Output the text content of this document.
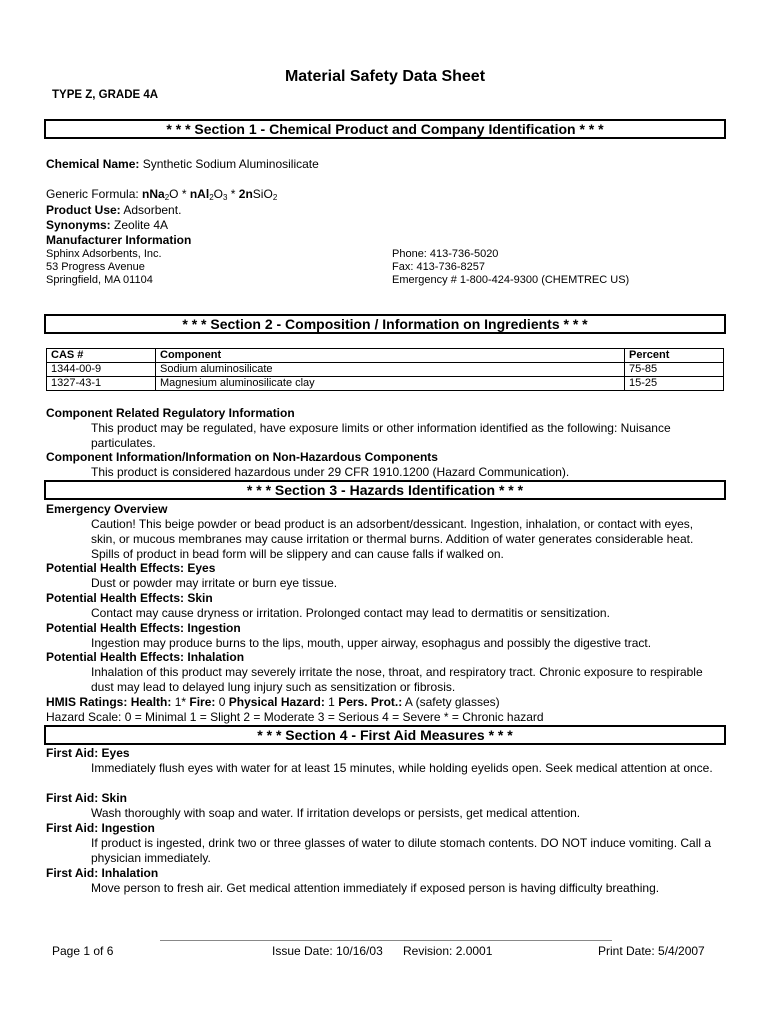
Material Safety Data Sheet
TYPE Z, GRADE 4A
* * * Section 1 - Chemical Product and Company Identification * * *
Chemical Name: Synthetic Sodium Aluminosilicate
Generic Formula: $nNa_2O * nAl_2O_3$ * 2nSiO$_2$
Product Use: Adsorbent.
Synonyms: Zeolite 4A
Manufacturer Information
Sphinx Adsorbents, Inc.
53 Progress Avenue
Springfield, MA 01104
Phone: 413-736-5020
Fax: 413-736-8257
Emergency # 1-800-424-9300 (CHEMTREC US)
* * * Section 2 - Composition / Information on Ingredients * * *
CAS #	Component	Percent
1344-00-9	Sodium aluminosilicate	75-85
1327-43-1	Magnesium aluminosilicate clay	15-25
Component Related Regulatory Information
This product may be regulated, have exposure limits or other information identified as the following: Nuisance particulates.
Component Information/Information on Non-Hazardous Components
This product is considered hazardous under 29 CFR 1910.1200 (Hazard Communication).
* * * Section 3 - Hazards Identification * * *
Emergency Overview
Caution! This beige powder or bead product is an adsorbent/dessicant. Ingestion, inhalation, or contact with eyes, skin, or mucous membranes may cause irritation or thermal burns. Addition of water generates considerable heat. Spills of product in bead form will be slippery and can cause falls if walked on.
Potential Health Effects: Eyes
Dust or powder may irritate or burn eye tissue.
Potential Health Effects: Skin
Contact may cause dryness or irritation. Prolonged contact may lead to dermatitis or sensitization.
Potential Health Effects: Ingestion
Ingestion may produce burns to the lips, mouth, upper airway, esophagus and possibly the digestive tract.
Potential Health Effects: Inhalation
Inhalation of this product may severely irritate the nose, throat, and respiratory tract. Chronic exposure to respirable dust may lead to delayed lung injury such as sensitization or fibrosis.
HMIS Ratings: Health: 1* Fire: 0 Physical Hazard: 1 Pers. Prot.: A (safety glasses)
Hazard Scale: 0 = Minimal 1 = Slight 2 = Moderate 3 = Serious 4 = Severe * = Chronic hazard
* * * Section 4 - First Aid Measures * * *
First Aid: Eyes
Immediately flush eyes with water for at least 15 minutes, while holding eyelids open. Seek medical attention at once.
First Aid: Skin
Wash thoroughly with soap and water. If irritation develops or persists, get medical attention.
First Aid: Ingestion
If product is ingested, drink two or three glasses of water to dilute stomach contents. DO NOT induce vomiting. Call a physician immediately.
First Aid: Inhalation
Move person to fresh air. Get medical attention immediately if exposed person is having difficulty breathing.
Page 1 of 6	Issue Date: 10/16/03 Revision: 2.0001	Print Date: 5/4/2007
